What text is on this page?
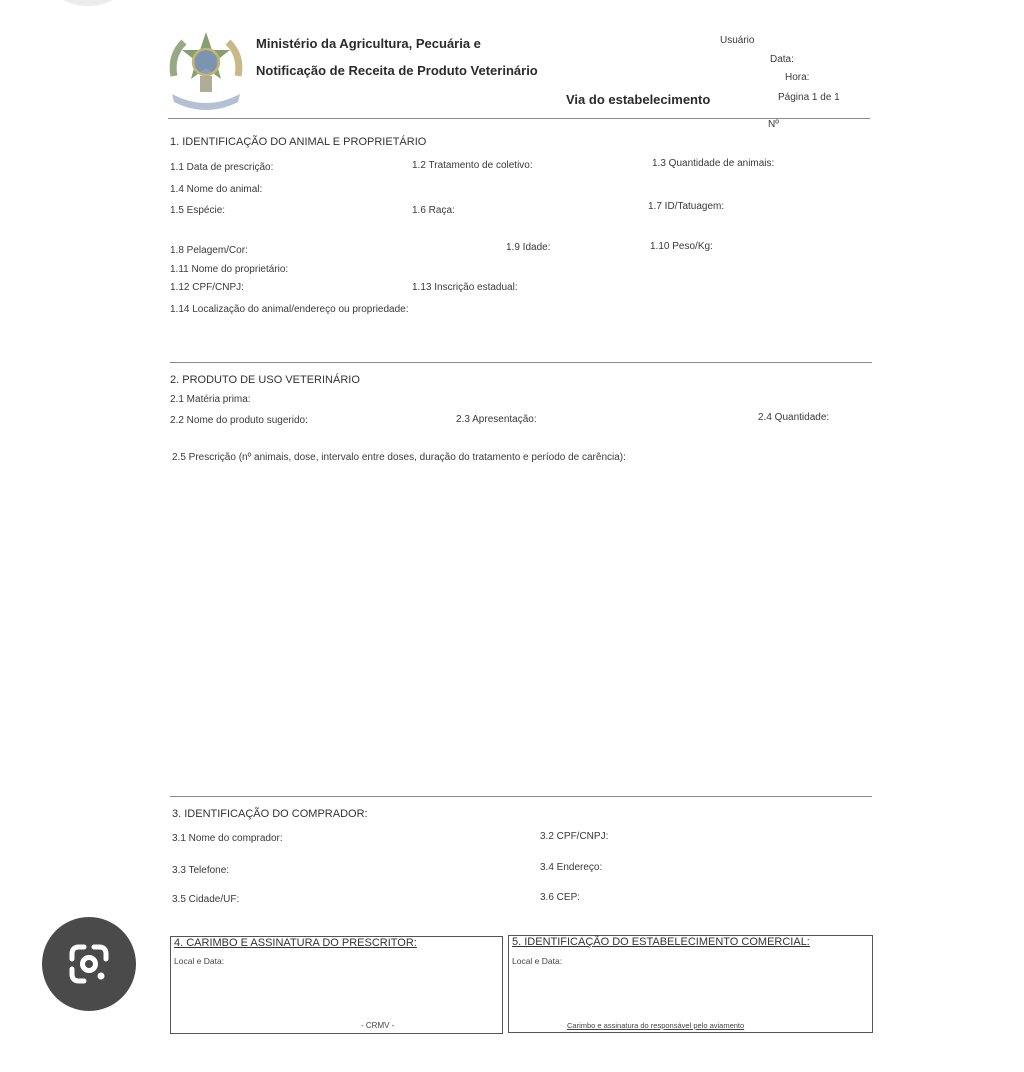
Ministério da Agricultura, Pecuária e
Notificação de Receita de Produto Veterinário
Via do estabelecimento
Usuário
Data:
Hora:
Página 1 de 1
Nº
1. IDENTIFICAÇÃO DO ANIMAL E PROPRIETÁRIO
1.1 Data de prescrição:	1.2 Tratamento de coletivo:	1.3 Quantidade de animais:
1.4 Nome do animal:
1.5 Espécie:	1.6 Raça:	1.7 ID/Tatuagem:
1.8 Pelagem/Cor:	1.9 Idade:	1.10 Peso/Kg:
1.11 Nome do proprietário:
1.12 CPF/CNPJ:	1.13 Inscrição estadual:
1.14 Localização do animal/endereço ou propriedade:
2. PRODUTO DE USO VETERINÁRIO
2.1 Matéria prima:
2.2 Nome do produto sugerido:	2.3 Apresentação:	2.4 Quantidade:
2.5 Prescrição (nº animais, dose, intervalo entre doses, duração do tratamento e período de carência):
3. IDENTIFICAÇÃO DO COMPRADOR:
3.1 Nome do comprador:	3.2 CPF/CNPJ:
3.3 Telefone:	3.4 Endereço:
3.5 Cidade/UF:	3.6 CEP:
4. CARIMBO E ASSINATURA DO PRESCRITOR:
Local e Data:
- CRMV -
5. IDENTIFICAÇÃO DO ESTABELECIMENTO COMERCIAL:
Local e Data:
Carimbo e assinatura do responsável pelo aviamento
